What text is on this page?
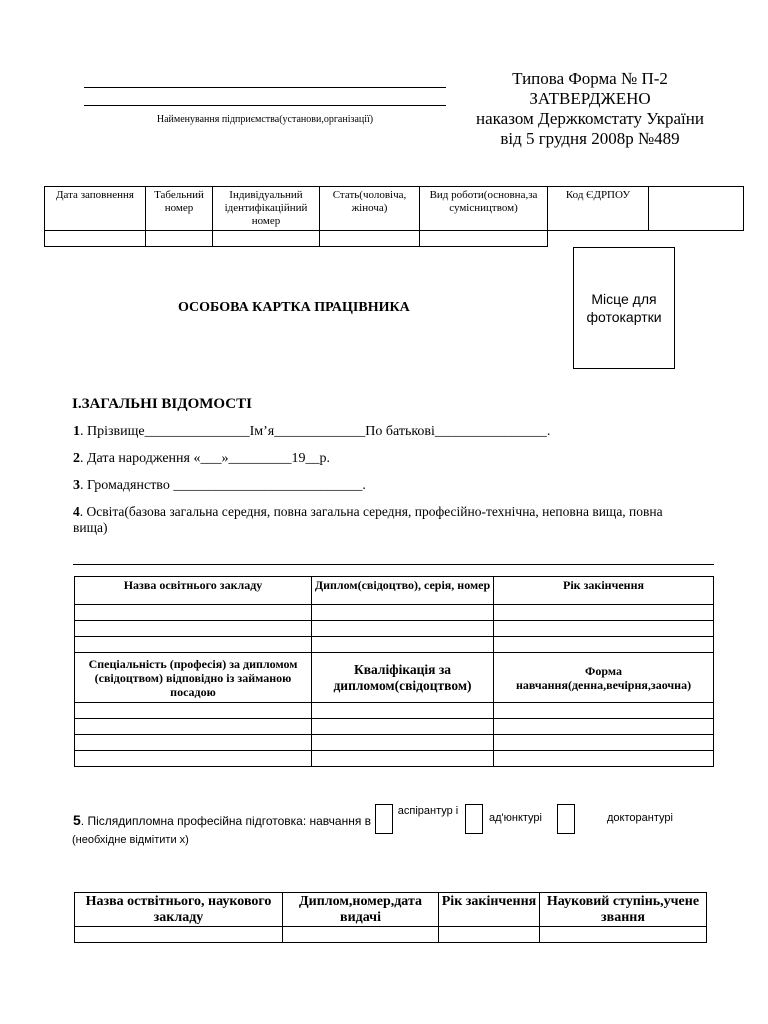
Найменування підприємства(установи,організації)
Типова Форма № П-2
ЗАТВЕРДЖЕНО
наказом Держкомстату України
від 5 грудня 2008р №489
Дата заповнення	Табельний номер	Індивідуальний ідентифікаційний номер	Стать(чоловіча, жіноча)	Вид роботи(основна,за сумісництвом)	Код ЄДРПОУ	

Місце для фотокартки
ОСОБОВА КАРТКА ПРАЦІВНИКА
І.ЗАГАЛЬНІ ВІДОМОСТІ
1. Прізвище_______________Ім’я_____________По батькові________________.
2. Дата народження «___»_________19__р.
3. Громадянство ___________________________.
4. Освіта(базова загальна середня, повна загальна середня, професійно-технічна, неповна вища, повна
вища)
Назва освітнього закладу	Диплом(свідоцтво), серія, номер	Рік закінчення

Спеціальність (професія) за дипломом (свідоцтвом) відповідно із займаною посадою	Кваліфікація за дипломом(свідоцтвом)	Форма навчання(денна,вечірня,заочна)

5. Післядипломна професійна підготовка: навчання в
аспірантур і
ад'юнктурі	докторантурі
(необхідне відмітити х)
Назва оствітнього, наукового закладу	Диплом,номер,дата видачі	Рік закінчення	Науковий ступінь,учене звання
